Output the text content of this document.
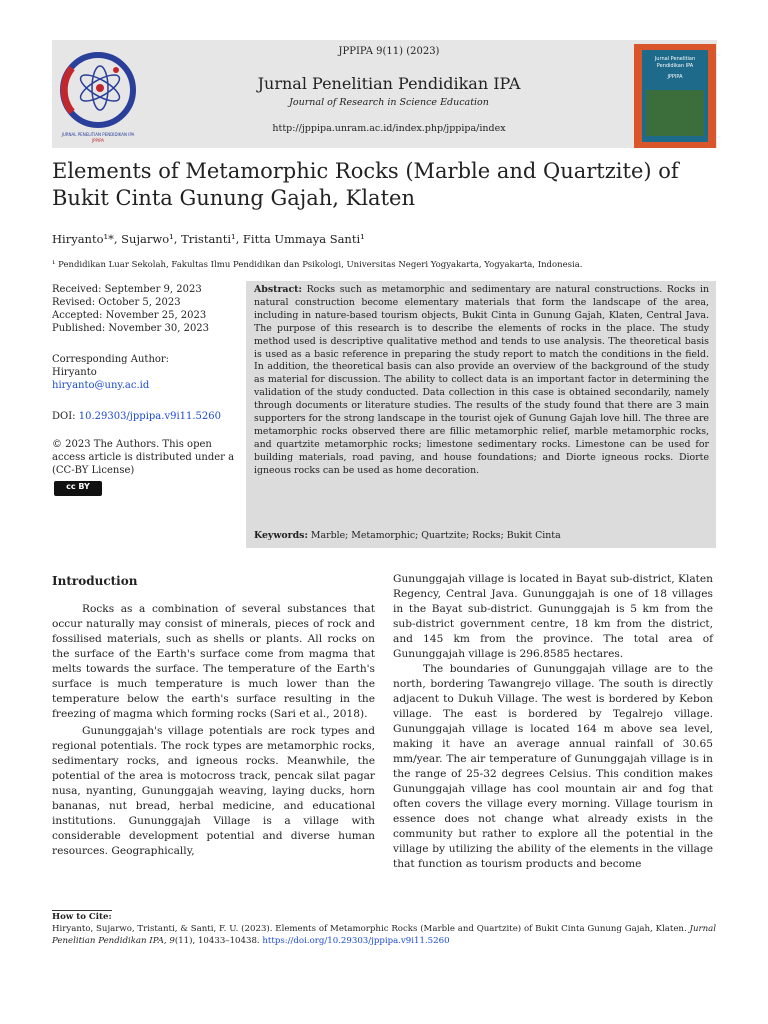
JURNAL PENELITIAN PENDIDIKAN IPA
JPPIPA
JPPIPA 9(11) (2023)
Jurnal Penelitian Pendidikan IPA
Journal of Research in Science Education
http://jppipa.unram.ac.id/index.php/jppipa/index
Jurnal Penelitian Pendidikan IPA
JPPIPA
Elements of Metamorphic Rocks (Marble and Quartzite) of Bukit Cinta Gunung Gajah, Klaten
Hiryanto¹*, Sujarwo¹, Tristanti¹, Fitta Ummaya Santi¹
¹ Pendidikan Luar Sekolah, Fakultas Ilmu Pendidikan dan Psikologi, Universitas Negeri Yogyakarta, Yogyakarta, Indonesia.
Received: September 9, 2023
Revised: October 5, 2023
Accepted: November 25, 2023
Published: November 30, 2023
Corresponding Author:
Hiryanto
hiryanto@uny.ac.id
DOI: 10.29303/jppipa.v9i11.5260
© 2023 The Authors. This open access article is distributed under a (CC-BY License)
cc BY
Abstract: Rocks such as metamorphic and sedimentary are natural constructions. Rocks in natural construction become elementary materials that form the landscape of the area, including in nature-based tourism objects, Bukit Cinta in Gunung Gajah, Klaten, Central Java. The purpose of this research is to describe the elements of rocks in the place. The study method used is descriptive qualitative method and tends to use analysis. The theoretical basis is used as a basic reference in preparing the study report to match the conditions in the field. In addition, the theoretical basis can also provide an overview of the background of the study as material for discussion. The ability to collect data is an important factor in determining the validation of the study conducted. Data collection in this case is obtained secondarily, namely through documents or literature studies. The results of the study found that there are 3 main supporters for the strong landscape in the tourist ojek of Gunung Gajah love hill. The three are metamorphic rocks observed there are fillic metamorphic relief, marble metamorphic rocks, and quartzite metamorphic rocks; limestone sedimentary rocks. Limestone can be used for building materials, road paving, and house foundations; and Diorte igneous rocks. Diorte igneous rocks can be used as home decoration.
Keywords: Marble; Metamorphic; Quartzite; Rocks; Bukit Cinta
Introduction

Rocks as a combination of several substances that occur naturally may consist of minerals, pieces of rock and fossilised materials, such as shells or plants. All rocks on the surface of the Earth's surface come from magma that melts towards the surface. The temperature of the Earth's surface is much temperature is much lower than the temperature below the earth's surface resulting in the freezing of magma which forming rocks (Sari et al., 2018).

Gununggajah's village potentials are rock types and regional potentials. The rock types are metamorphic rocks, sedimentary rocks, and igneous rocks. Meanwhile, the potential of the area is motocross track, pencak silat pagar nusa, nyanting, Gununggajah weaving, laying ducks, horn bananas, nut bread, herbal medicine, and educational institutions. Gununggajah Village is a village with considerable development potential and diverse human resources. Geographically,

Gununggajah village is located in Bayat sub-district, Klaten Regency, Central Java. Gununggajah is one of 18 villages in the Bayat sub-district. Gununggajah is 5 km from the sub-district government centre, 18 km from the district, and 145 km from the province. The total area of Gununggajah village is 296.8585 hectares.

The boundaries of Gununggajah village are to the north, bordering Tawangrejo village. The south is directly adjacent to Dukuh Village. The west is bordered by Kebon village. The east is bordered by Tegalrejo village. Gununggajah village is located 164 m above sea level, making it have an average annual rainfall of 30.65 mm/year. The air temperature of Gununggajah village is in the range of 25-32 degrees Celsius. This condition makes Gununggajah village has cool mountain air and fog that often covers the village every morning. Village tourism in essence does not change what already exists in the community but rather to explore all the potential in the village by utilizing the ability of the elements in the village that function as tourism products and become

How to Cite:
Hiryanto, Sujarwo, Tristanti, & Santi, F. U. (2023). Elements of Metamorphic Rocks (Marble and Quartzite) of Bukit Cinta Gunung Gajah, Klaten. Jurnal Penelitian Pendidikan IPA, 9(11), 10433–10438. https://doi.org/10.29303/jppipa.v9i11.5260
